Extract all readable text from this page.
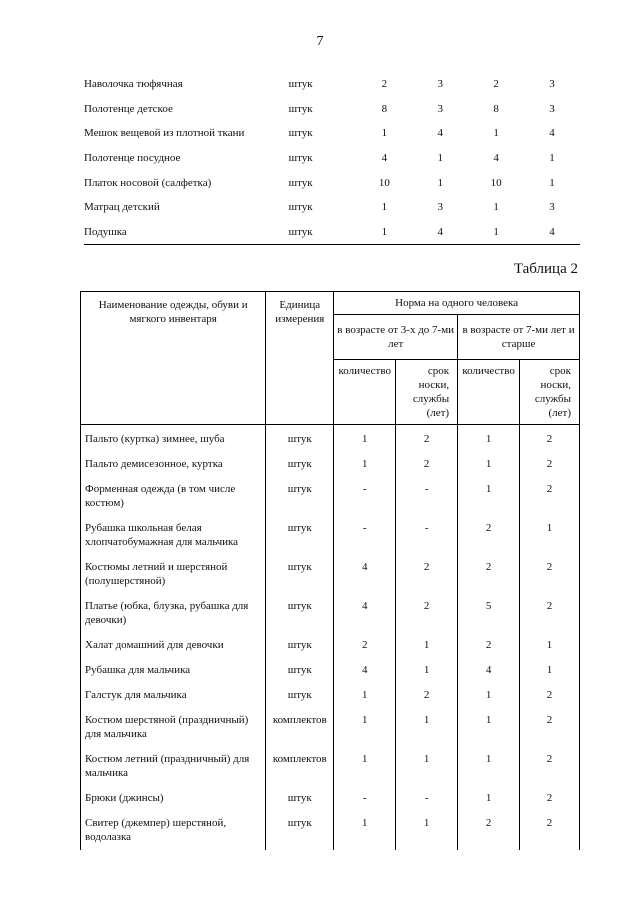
7
Наволочка тюфячная	штук	2	3	2	3
Полотенце детское	штук	8	3	8	3
Мешок вещевой из плотной ткани	штук	1	4	1	4
Полотенце посудное	штук	4	1	4	1
Платок носовой (салфетка)	штук	10	1	10	1
Матрац детский	штук	1	3	1	3
Подушка	штук	1	4	1	4
Таблица 2
Наименование одежды, обуви и мягкого инвентаря	Единица измерения	Норма на одного человека			
		в возрасте от 3-х до 7-ми лет		в возрасте от 7-ми лет и старше	
		количество	срок носки, службы (лет)	количество	срок носки, службы (лет)
Пальто (куртка) зимнее, шуба	штук	1	2	1	2
Пальто демисезонное, куртка	штук	1	2	1	2
Форменная одежда (в том числе костюм)	штук	-	-	1	2
Рубашка школьная белая хлопчатобумажная для мальчика	штук	-	-	2	1
Костюмы летний и шерстяной (полушерстяной)	штук	4	2	2	2
Платье (юбка, блузка, рубашка для девочки)	штук	4	2	5	2
Халат домашний для девочки	штук	2	1	2	1
Рубашка для мальчика	штук	4	1	4	1
Галстук для мальчика	штук	1	2	1	2
Костюм шерстяной (праздничный) для мальчика	комплектов	1	1	1	2
Костюм летний (праздничный) для мальчика	комплектов	1	1	1	2
Брюки (джинсы)	штук	-	-	1	2
Свитер (джемпер) шерстяной, водолазка	штук	1	1	2	2
